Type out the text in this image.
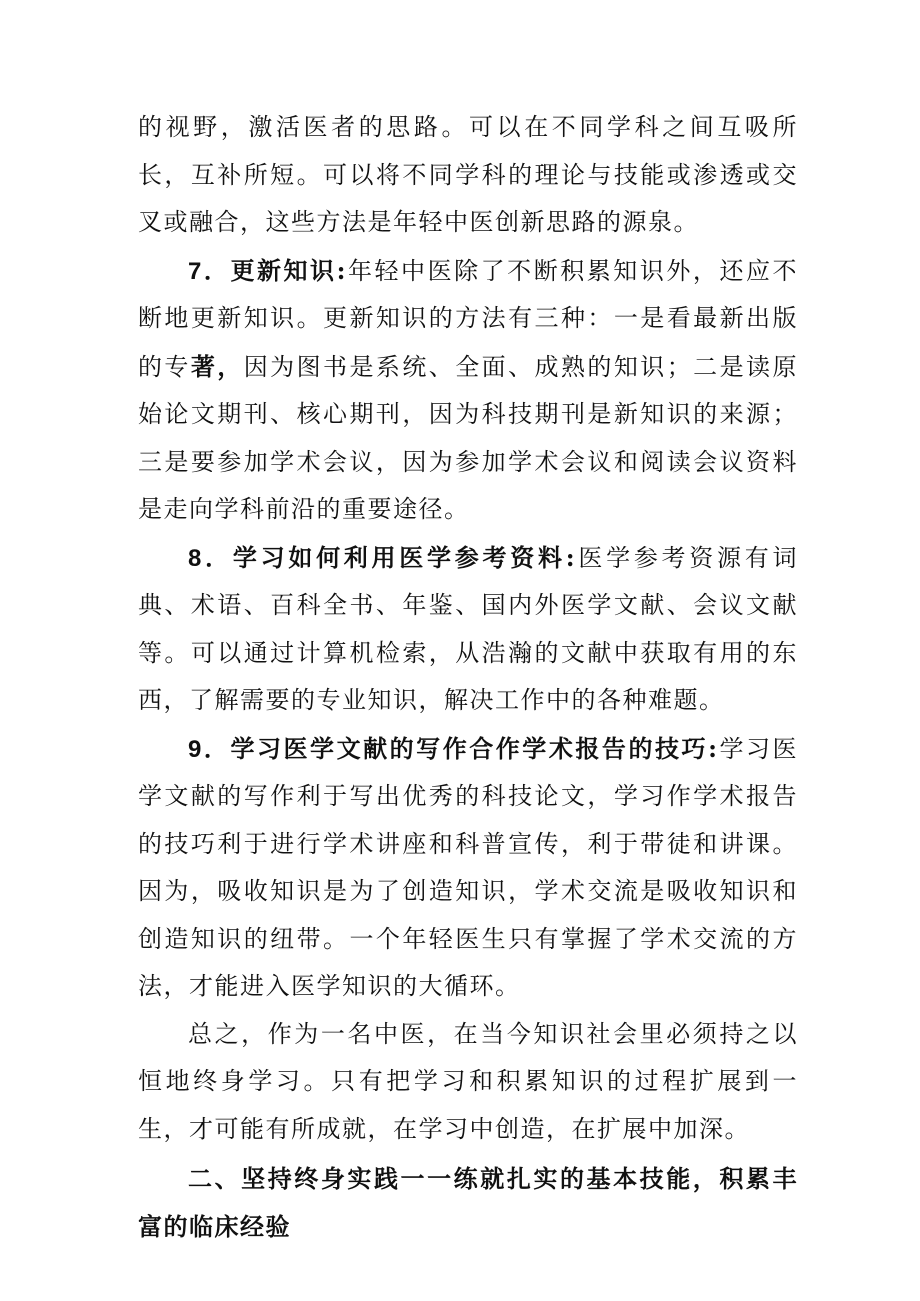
的视野，激活医者的思路。可以在不同学科之间互吸所长，互补所短。可以将不同学科的理论与技能或渗透或交叉或融合，这些方法是年轻中医创新思路的源泉。

7．更新知识:年轻中医除了不断积累知识外，还应不断地更新知识。更新知识的方法有三种：一是看最新出版的专著，因为图书是系统、全面、成熟的知识；二是读原始论文期刊、核心期刊，因为科技期刊是新知识的来源；三是要参加学术会议，因为参加学术会议和阅读会议资料是走向学科前沿的重要途径。

8．学习如何利用医学参考资料:医学参考资源有词典、术语、百科全书、年鉴、国内外医学文献、会议文献等。可以通过计算机检索，从浩瀚的文献中获取有用的东西，了解需要的专业知识，解决工作中的各种难题。

9．学习医学文献的写作合作学术报告的技巧:学习医学文献的写作利于写出优秀的科技论文，学习作学术报告的技巧利于进行学术讲座和科普宣传，利于带徒和讲课。因为，吸收知识是为了创造知识，学术交流是吸收知识和创造知识的纽带。一个年轻医生只有掌握了学术交流的方法，才能进入医学知识的大循环。

总之，作为一名中医，在当今知识社会里必须持之以恒地终身学习。只有把学习和积累知识的过程扩展到一生，才可能有所成就，在学习中创造，在扩展中加深。

二、坚持终身实践一一练就扎实的基本技能，积累丰富的临床经验
